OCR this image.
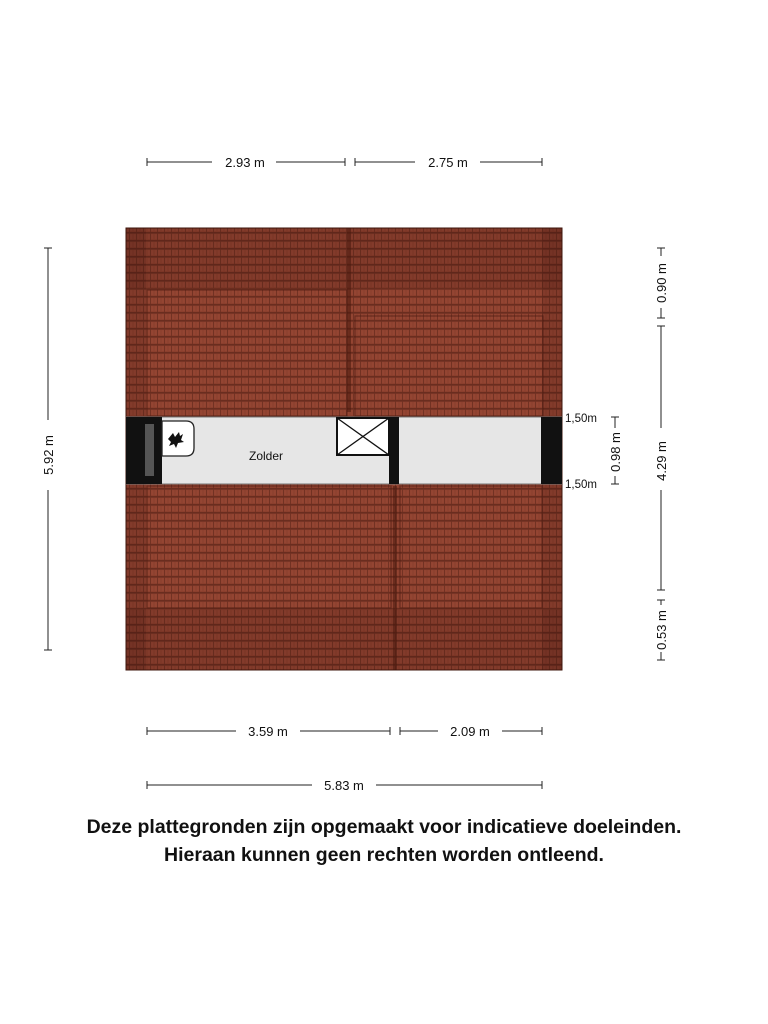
Zolder
2.93 m	2.75 m
3.59 m	2.09 m
5.83 m
5.92 m
0.90 m
4.29 m
0.53 m
0.98 m
1,50m
1,50m
Deze plattegronden zijn opgemaakt voor indicatieve doeleinden.
Hieraan kunnen geen rechten worden ontleend.
